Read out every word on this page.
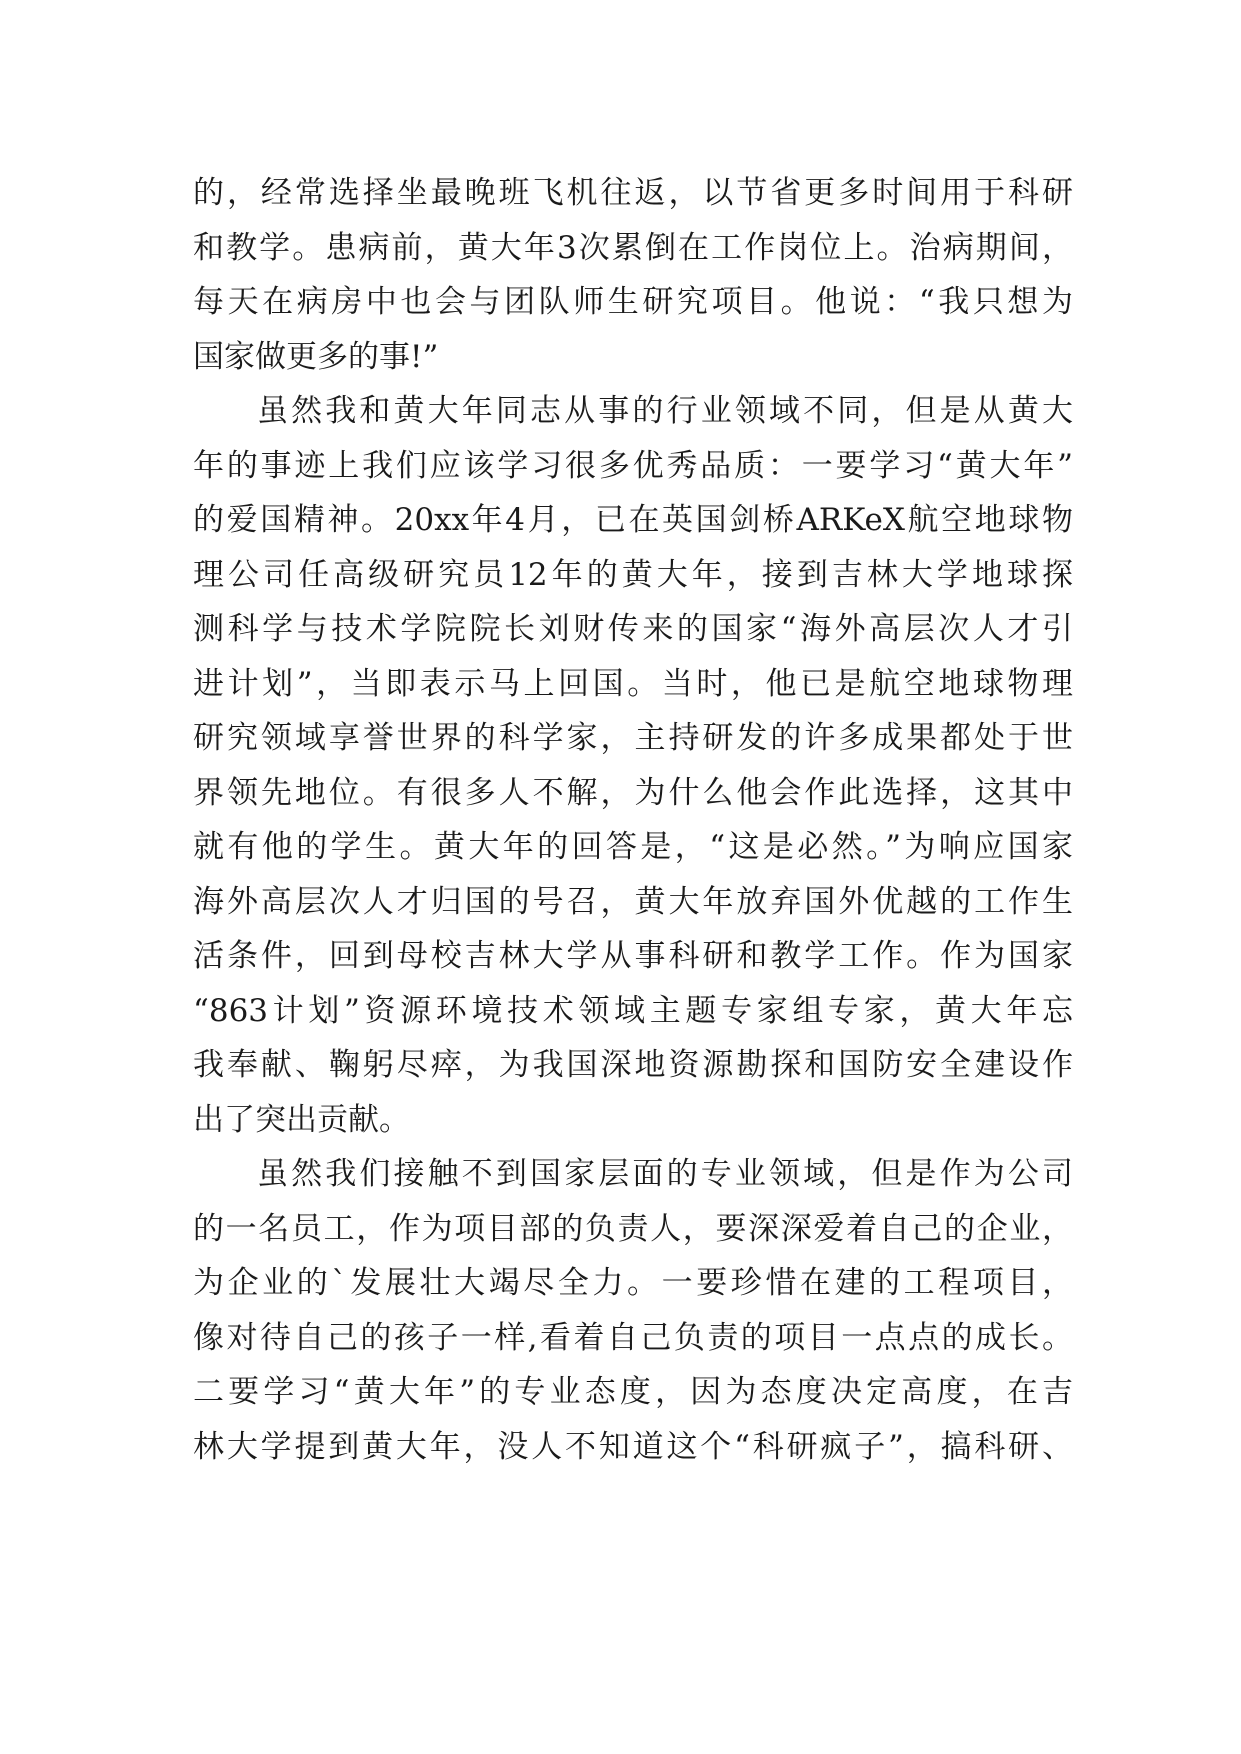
的，经常选择坐最晚班飞机往返，以节省更多时间用于科研
和教学。患病前，黄大年3次累倒在工作岗位上。治病期间，
每天在病房中也会与团队师生研究项目。他说：“我只想为
国家做更多的事!”
虽然我和黄大年同志从事的行业领域不同，但是从黄大
年的事迹上我们应该学习很多优秀品质：一要学习“黄大年”
的爱国精神。20xx年4月，已在英国剑桥ARKeX航空地球物
理公司任高级研究员12年的黄大年，接到吉林大学地球探
测科学与技术学院院长刘财传来的国家“海外高层次人才引
进计划”，当即表示马上回国。当时，他已是航空地球物理
研究领域享誉世界的科学家，主持研发的许多成果都处于世
界领先地位。有很多人不解，为什么他会作此选择，这其中
就有他的学生。黄大年的回答是，“这是必然。”为响应国家
海外高层次人才归国的号召，黄大年放弃国外优越的工作生
活条件，回到母校吉林大学从事科研和教学工作。作为国家
“863计划”资源环境技术领域主题专家组专家，黄大年忘
我奉献、鞠躬尽瘁，为我国深地资源勘探和国防安全建设作
出了突出贡献。
虽然我们接触不到国家层面的专业领域，但是作为公司
的一名员工，作为项目部的负责人，要深深爱着自己的企业，
为企业的`发展壮大竭尽全力。一要珍惜在建的工程项目，
像对待自己的孩子一样,看着自己负责的项目一点点的成长。
二要学习“黄大年”的专业态度，因为态度决定高度，在吉
林大学提到黄大年，没人不知道这个“科研疯子”，搞科研、
